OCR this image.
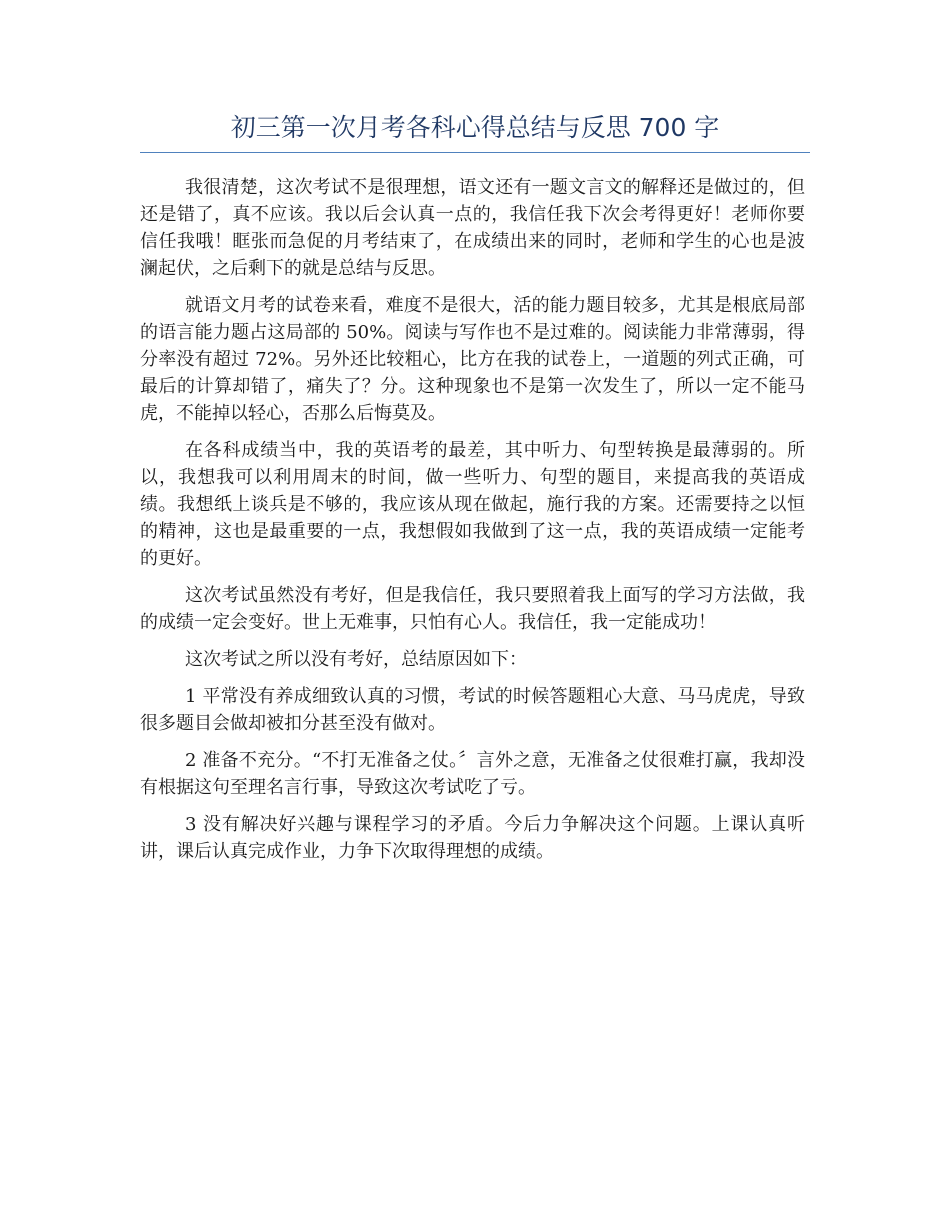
初三第一次月考各科心得总结与反思 700 字

我很清楚，这次考试不是很理想，语文还有一题文言文的解释还是做过的，但还是错了，真不应该。我以后会认真一点的，我信任我下次会考得更好！老师你要信任我哦！眶张而急促的月考结束了，在成绩出来的同时，老师和学生的心也是波澜起伏，之后剩下的就是总结与反思。

就语文月考的试卷来看，难度不是很大，活的能力题目较多，尤其是根底局部的语言能力题占这局部的 50%。阅读与写作也不是过难的。阅读能力非常薄弱，得分率没有超过 72%。另外还比较粗心，比方在我的试卷上，一道题的列式正确，可最后的计算却错了，痛失了？分。这种现象也不是第一次发生了，所以一定不能马虎，不能掉以轻心，否那么后悔莫及。

在各科成绩当中，我的英语考的最差，其中听力、句型转换是最薄弱的。所以，我想我可以利用周末的时间，做一些听力、句型的题目，来提高我的英语成绩。我想纸上谈兵是不够的，我应该从现在做起，施行我的方案。还需要持之以恒的精神，这也是最重要的一点，我想假如我做到了这一点，我的英语成绩一定能考的更好。

这次考试虽然没有考好，但是我信任，我只要照着我上面写的学习方法做，我的成绩一定会变好。世上无难事，只怕有心人。我信任，我一定能成功！

这次考试之所以没有考好，总结原因如下：

1 平常没有养成细致认真的习惯，考试的时候答题粗心大意、马马虎虎，导致很多题目会做却被扣分甚至没有做对。

2 准备不充分。“不打无准备之仗。〞言外之意，无准备之仗很难打赢，我却没有根据这句至理名言行事，导致这次考试吃了亏。

3 没有解决好兴趣与课程学习的矛盾。今后力争解决这个问题。上课认真听讲，课后认真完成作业，力争下次取得理想的成绩。
